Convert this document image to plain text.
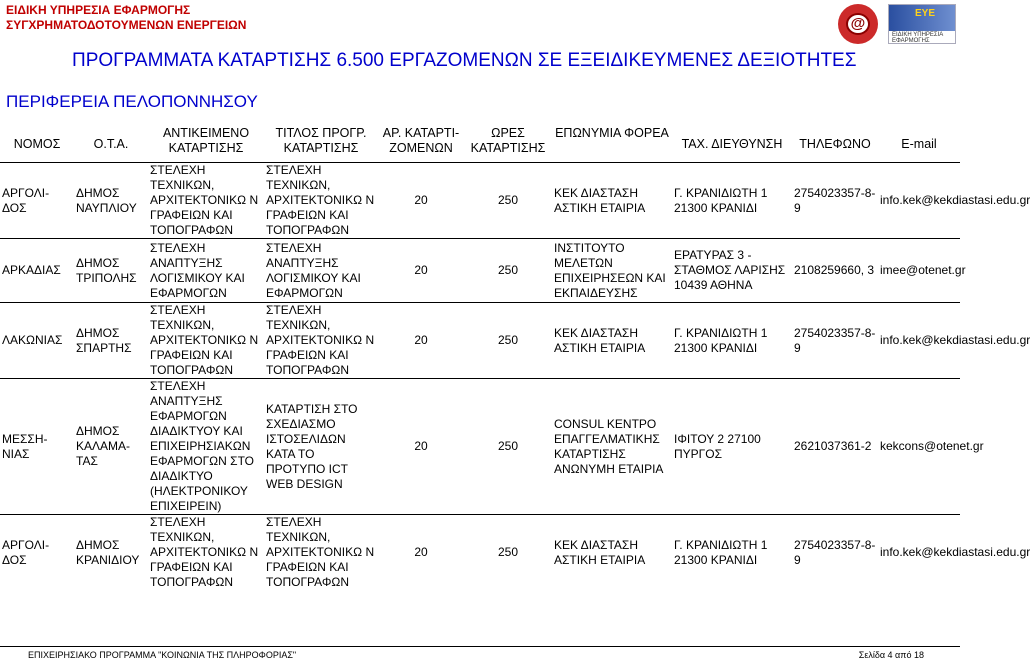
ΕΙΔΙΚΗ ΥΠΗΡΕΣΙΑ ΕΦΑΡΜΟΓΗΣ
ΣΥΓΧΡΗΜΑΤΟΔΟΤΟΥΜΕΝΩΝ ΕΝΕΡΓΕΙΩΝ	@
ΕΥΕ
ΕΙΔΙΚΗ ΥΠΗΡΕΣΙΑ ΕΦΑΡΜΟΓΗΣ
ΠΡΟΓΡΑΜΜΑΤΑ ΚΑΤΑΡΤΙΣΗΣ 6.500 ΕΡΓΑΖΟΜΕΝΩΝ ΣΕ ΕΞΕΙΔΙΚΕΥΜΕΝΕΣ ΔΕΞΙΟΤΗΤΕΣ
ΠΕΡΙΦΕΡΕΙΑ ΠΕΛΟΠΟΝΝΗΣΟΥ
ΝΟΜΟΣ	Ο.Τ.Α.	ΑΝΤΙΚΕΙΜΕΝΟ ΚΑΤΑΡΤΙΣΗΣ	ΤΙΤΛΟΣ ΠΡΟΓΡ. ΚΑΤΑΡΤΙΣΗΣ	ΑΡ. ΚΑΤΑΡΤΙ-ΖΟΜΕΝΩΝ	ΩΡΕΣ ΚΑΤΑΡΤΙΣΗΣ	ΕΠΩΝΥΜΙΑ ΦΟΡΕΑ	ΤΑΧ. ΔΙΕΥΘΥΝΣΗ	ΤΗΛΕΦΩΝΟ	E-mail
ΑΡΓΟΛΙ-ΔΟΣ	ΔΗΜΟΣ ΝΑΥΠΛΙΟΥ	ΣΤΕΛΕΧΗ ΤΕΧΝΙΚΩΝ, ΑΡΧΙΤΕΚΤΟΝΙΚΩ Ν ΓΡΑΦΕΙΩΝ ΚΑΙ ΤΟΠΟΓΡΑΦΩΝ	ΣΤΕΛΕΧΗ ΤΕΧΝΙΚΩΝ, ΑΡΧΙΤΕΚΤΟΝΙΚΩ Ν ΓΡΑΦΕΙΩΝ ΚΑΙ ΤΟΠΟΓΡΑΦΩΝ	20	250	ΚΕΚ ΔΙΑΣΤΑΣΗ ΑΣΤΙΚΗ ΕΤΑΙΡΙΑ	Γ. ΚΡΑΝΙΔΙΩΤΗ 1 21300 ΚΡΑΝΙΔΙ	2754023357-8-9	info.kek@kekdiastasi.edu.gr
ΑΡΚΑΔΙΑΣ	ΔΗΜΟΣ ΤΡΙΠΟΛΗΣ	ΣΤΕΛΕΧΗ ΑΝΑΠΤΥΞΗΣ ΛΟΓΙΣΜΙΚΟΥ ΚΑΙ ΕΦΑΡΜΟΓΩΝ	ΣΤΕΛΕΧΗ ΑΝΑΠΤΥΞΗΣ ΛΟΓΙΣΜΙΚΟΥ ΚΑΙ ΕΦΑΡΜΟΓΩΝ	20	250	ΙΝΣΤΙΤΟΥΤΟ ΜΕΛΕΤΩΝ ΕΠΙΧΕΙΡΗΣΕΩΝ ΚΑΙ ΕΚΠΑΙΔΕΥΣΗΣ	ΕΡΑΤΥΡΑΣ 3 - ΣΤΑΘΜΟΣ ΛΑΡΙΣΗΣ 10439 ΑΘΗΝΑ	2108259660, 3	imee@otenet.gr
ΛΑΚΩΝΙΑΣ	ΔΗΜΟΣ ΣΠΑΡΤΗΣ	ΣΤΕΛΕΧΗ ΤΕΧΝΙΚΩΝ, ΑΡΧΙΤΕΚΤΟΝΙΚΩ Ν ΓΡΑΦΕΙΩΝ ΚΑΙ ΤΟΠΟΓΡΑΦΩΝ	ΣΤΕΛΕΧΗ ΤΕΧΝΙΚΩΝ, ΑΡΧΙΤΕΚΤΟΝΙΚΩ Ν ΓΡΑΦΕΙΩΝ ΚΑΙ ΤΟΠΟΓΡΑΦΩΝ	20	250	ΚΕΚ ΔΙΑΣΤΑΣΗ ΑΣΤΙΚΗ ΕΤΑΙΡΙΑ	Γ. ΚΡΑΝΙΔΙΩΤΗ 1 21300 ΚΡΑΝΙΔΙ	2754023357-8-9	info.kek@kekdiastasi.edu.gr
ΜΕΣΣΗ-ΝΙΑΣ	ΔΗΜΟΣ ΚΑΛΑΜΑ-ΤΑΣ	ΣΤΕΛΕΧΗ ΑΝΑΠΤΥΞΗΣ ΕΦΑΡΜΟΓΩΝ ΔΙΑΔΙΚΤΥΟΥ ΚΑΙ ΕΠΙΧΕΙΡΗΣΙΑΚΩΝ ΕΦΑΡΜΟΓΩΝ ΣΤΟ ΔΙΑΔΙΚΤΥΟ (ΗΛΕΚΤΡΟΝΙΚΟΥ ΕΠΙΧΕΙΡΕΙΝ)	ΚΑΤΑΡΤΙΣΗ ΣΤΟ ΣΧΕΔΙΑΣΜΟ ΙΣΤΟΣΕΛΙΔΩΝ ΚΑΤΑ ΤΟ ΠΡΟΤΥΠΟ ICT WEB DESIGN	20	250	CONSUL ΚΕΝΤΡΟ ΕΠΑΓΓΕΛΜΑΤΙΚΗΣ ΚΑΤΑΡΤΙΣΗΣ ΑΝΩΝΥΜΗ ΕΤΑΙΡΙΑ	ΙΦΙΤΟΥ 2 27100 ΠΥΡΓΟΣ	2621037361-2	kekcons@otenet.gr
ΑΡΓΟΛΙ-ΔΟΣ	ΔΗΜΟΣ ΚΡΑΝΙΔΙΟΥ	ΣΤΕΛΕΧΗ ΤΕΧΝΙΚΩΝ, ΑΡΧΙΤΕΚΤΟΝΙΚΩ Ν ΓΡΑΦΕΙΩΝ ΚΑΙ ΤΟΠΟΓΡΑΦΩΝ	ΣΤΕΛΕΧΗ ΤΕΧΝΙΚΩΝ, ΑΡΧΙΤΕΚΤΟΝΙΚΩ Ν ΓΡΑΦΕΙΩΝ ΚΑΙ ΤΟΠΟΓΡΑΦΩΝ	20	250	ΚΕΚ ΔΙΑΣΤΑΣΗ ΑΣΤΙΚΗ ΕΤΑΙΡΙΑ	Γ. ΚΡΑΝΙΔΙΩΤΗ 1 21300 ΚΡΑΝΙΔΙ	2754023357-8-9	info.kek@kekdiastasi.edu.gr
ΕΠΙΧΕΙΡΗΣΙΑΚΟ ΠΡΟΓΡΑΜΜΑ "ΚΟΙΝΩΝΙΑ ΤΗΣ ΠΛΗΡΟΦΟΡΙΑΣ"	Σελίδα 4 από 18
